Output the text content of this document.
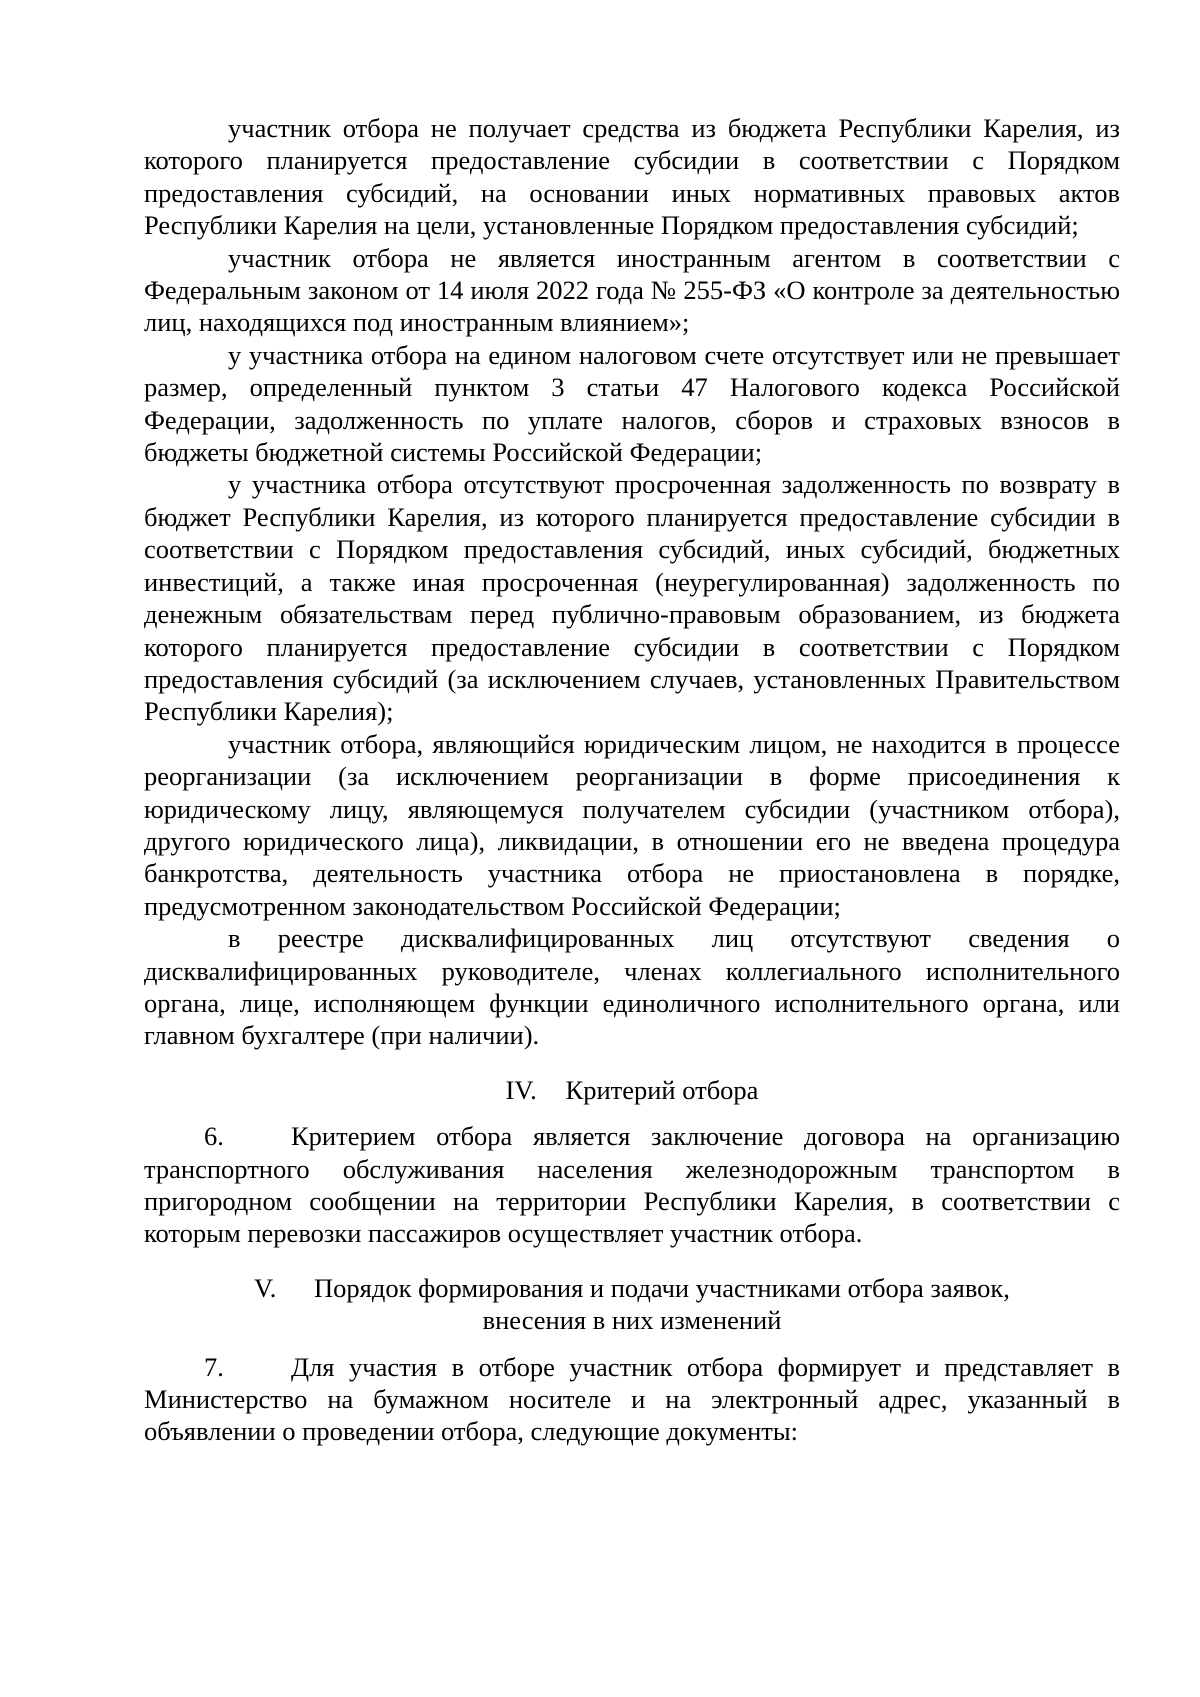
участник отбора не получает средства из бюджета Республики Карелия, из которого планируется предоставление субсидии в соответствии с Порядком предоставления субсидий, на основании иных нормативных правовых актов Республики Карелия на цели, установленные Порядком предоставления субсидий;

участник отбора не является иностранным агентом в соответствии с Федеральным законом от 14 июля 2022 года № 255-ФЗ «О контроле за деятельностью лиц, находящихся под иностранным влиянием»;

у участника отбора на едином налоговом счете отсутствует или не превышает размер, определенный пунктом 3 статьи 47 Налогового кодекса Российской Федерации, задолженность по уплате налогов, сборов и страховых взносов в бюджеты бюджетной системы Российской Федерации;

у участника отбора отсутствуют просроченная задолженность по возврату в бюджет Республики Карелия, из которого планируется предоставление субсидии в соответствии с Порядком предоставления субсидий, иных субсидий, бюджетных инвестиций, а также иная просроченная (неурегулированная) задолженность по денежным обязательствам перед публично-правовым образованием, из бюджета которого планируется предоставление субсидии в соответствии с Порядком предоставления субсидий (за исключением случаев, установленных Правительством Республики Карелия);

участник отбора, являющийся юридическим лицом, не находится в процессе реорганизации (за исключением реорганизации в форме присоединения к юридическому лицу, являющемуся получателем субсидии (участником отбора), другого юридического лица), ликвидации, в отношении его не введена процедура банкротства, деятельность участника отбора не приостановлена в порядке, предусмотренном законодательством Российской Федерации;

в реестре дисквалифицированных лиц отсутствуют сведения о дисквалифицированных руководителе, членах коллегиального исполнительного органа, лице, исполняющем функции единоличного исполнительного органа, или главном бухгалтере (при наличии).

IV. Критерий отбора

6.	Критерием отбора является заключение договора на организацию транспортного обслуживания населения железнодорожным транспортом в пригородном сообщении на территории Республики Карелия, в соответствии с которым перевозки пассажиров осуществляет участник отбора.

V. Порядок формирования и подачи участниками отбора заявок,

внесения в них изменений

7.	Для участия в отборе участник отбора формирует и представляет в Министерство на бумажном носителе и на электронный адрес, указанный в объявлении о проведении отбора, следующие документы:
